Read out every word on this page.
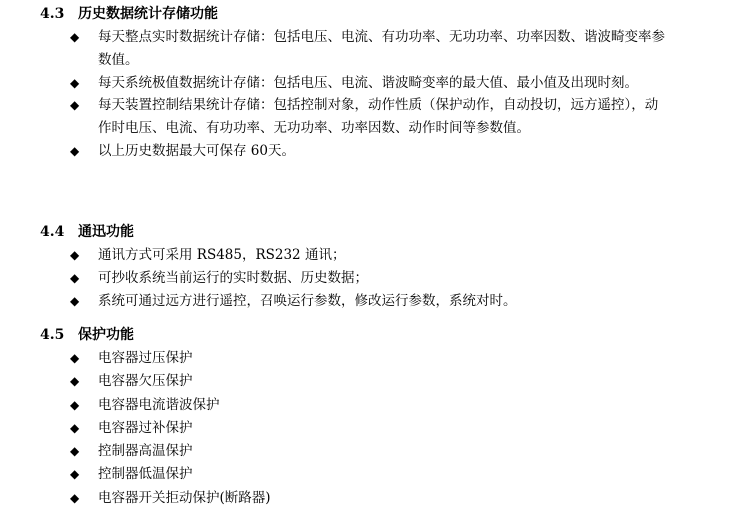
4.3 历史数据统计存储功能
◆ 每天整点实时数据统计存储：包括电压、电流、有功功率、无功功率、功率因数、谐波畸变率参数值。
◆ 每天系统极值数据统计存储：包括电压、电流、谐波畸变率的最大值、最小值及出现时刻。
◆ 每天装置控制结果统计存储：包括控制对象，动作性质（保护动作，自动投切，远方遥控），动作时电压、电流、有功功率、无功功率、功率因数、动作时间等参数值。
◆ 以上历史数据最大可保存 60天。
4.4 通迅功能
◆ 通讯方式可采用 RS485，RS232 通讯；
◆ 可抄收系统当前运行的实时数据、历史数据；
◆ 系统可通过远方进行遥控，召唤运行参数，修改运行参数，系统对时。
4.5 保护功能
◆ 电容器过压保护
◆ 电容器欠压保护
◆ 电容器电流谐波保护
◆ 电容器过补保护
◆ 控制器高温保护
◆ 控制器低温保护
◆ 电容器开关拒动保护(断路器)
